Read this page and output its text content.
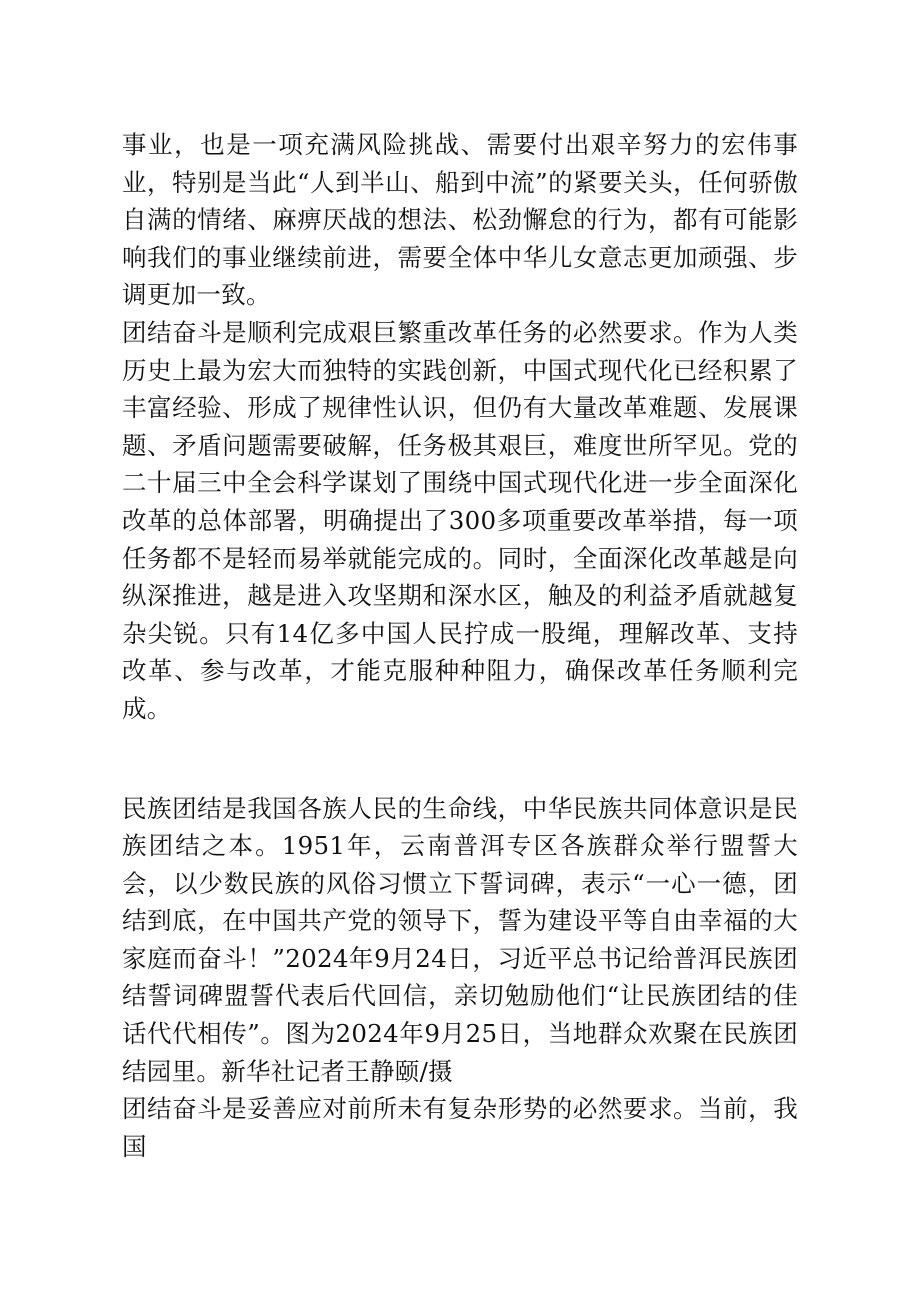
事业，也是一项充满风险挑战、需要付出艰辛努力的宏伟事业，特别是当此“人到半山、船到中流”的紧要关头，任何骄傲自满的情绪、麻痹厌战的想法、松劲懈怠的行为，都有可能影响我们的事业继续前进，需要全体中华儿女意志更加顽强、步调更加一致。

团结奋斗是顺利完成艰巨繁重改革任务的必然要求。作为人类历史上最为宏大而独特的实践创新，中国式现代化已经积累了丰富经验、形成了规律性认识，但仍有大量改革难题、发展课题、矛盾问题需要破解，任务极其艰巨，难度世所罕见。党的二十届三中全会科学谋划了围绕中国式现代化进一步全面深化改革的总体部署，明确提出了300多项重要改革举措，每一项任务都不是轻而易举就能完成的。同时，全面深化改革越是向纵深推进，越是进入攻坚期和深水区，触及的利益矛盾就越复杂尖锐。只有14亿多中国人民拧成一股绳，理解改革、支持改革、参与改革，才能克服种种阻力，确保改革任务顺利完成。

民族团结是我国各族人民的生命线，中华民族共同体意识是民族团结之本。1951年，云南普洱专区各族群众举行盟誓大会，以少数民族的风俗习惯立下誓词碑，表示“一心一德，团结到底，在中国共产党的领导下，誓为建设平等自由幸福的大家庭而奋斗！”2024年9月24日，习近平总书记给普洱民族团结誓词碑盟誓代表后代回信，亲切勉励他们“让民族团结的佳话代代相传”。图为2024年9月25日，当地群众欢聚在民族团结园里。新华社记者王静颐/摄

团结奋斗是妥善应对前所未有复杂形势的必然要求。当前，我国
